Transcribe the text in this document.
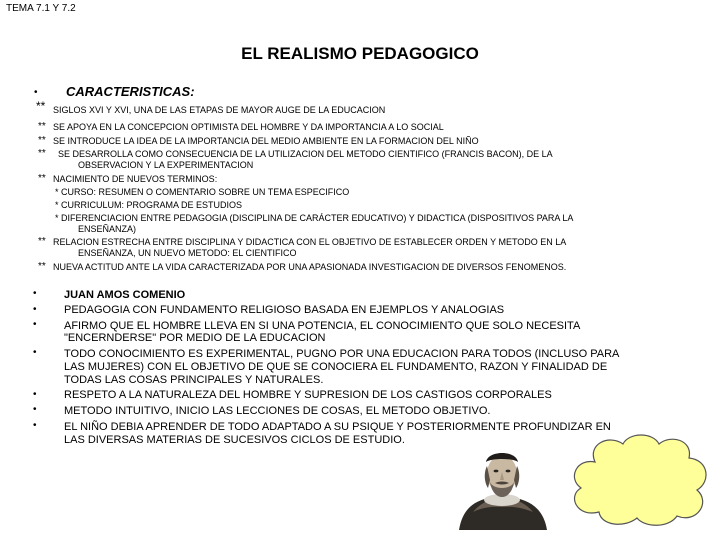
TEMA 7.1 Y 7.2
EL REALISMO PEDAGOGICO
• CARACTERISTICAS:
** SIGLOS XVI Y XVI, UNA DE LAS ETAPAS DE MAYOR AUGE DE LA EDUCACION
** SE APOYA EN LA CONCEPCION OPTIMISTA DEL HOMBRE Y DA IMPORTANCIA A LO SOCIAL
** SE INTRODUCE LA IDEA DE LA IMPORTANCIA DEL MEDIO AMBIENTE EN LA FORMACION DEL NIÑO
** SE DESARROLLA COMO CONSECUENCIA DE LA UTILIZACION DEL METODO CIENTIFICO (FRANCIS BACON), DE LA
OBSERVACION Y LA EXPERIMENTACION
** NACIMIENTO DE NUEVOS TERMINOS:
* CURSO: RESUMEN O COMENTARIO SOBRE UN TEMA ESPECIFICO
* CURRICULUM: PROGRAMA DE ESTUDIOS
* DIFERENCIACION ENTRE PEDAGOGIA (DISCIPLINA DE CARÁCTER EDUCATIVO) Y DIDACTICA (DISPOSITIVOS PARA LA
ENSEÑANZA)
** RELACION ESTRECHA ENTRE DISCIPLINA Y DIDACTICA CON EL OBJETIVO DE ESTABLECER ORDEN Y METODO EN LA
ENSEÑANZA, UN NUEVO METODO: EL CIENTIFICO
** NUEVA ACTITUD ANTE LA VIDA CARACTERIZADA POR UNA APASIONADA INVESTIGACION DE DIVERSOS FENOMENOS.
• JUAN AMOS COMENIO
• PEDAGOGIA CON FUNDAMENTO RELIGIOSO BASADA EN EJEMPLOS Y ANALOGIAS
• AFIRMO QUE EL HOMBRE LLEVA EN SI UNA POTENCIA, EL CONOCIMIENTO QUE SOLO NECESITA
"ENCERNDERSE" POR MEDIO DE LA EDUCACION
• TODO CONOCIMIENTO ES EXPERIMENTAL, PUGNO POR UNA EDUCACION PARA TODOS (INCLUSO PARA
LAS MUJERES) CON EL OBJETIVO DE QUE SE CONOCIERA EL FUNDAMENTO, RAZON Y FINALIDAD DE
TODAS LAS COSAS PRINCIPALES Y NATURALES.
• RESPETO A LA NATURALEZA DEL HOMBRE Y SUPRESION DE LOS CASTIGOS CORPORALES
• METODO INTUITIVO, INICIO LAS LECCIONES DE COSAS, EL METODO OBJETIVO.
• EL NIÑO DEBIA APRENDER DE TODO ADAPTADO A SU PSIQUE Y POSTERIORMENTE PROFUNDIZAR EN
LAS DIVERSAS MATERIAS DE SUCESIVOS CICLOS DE ESTUDIO.
